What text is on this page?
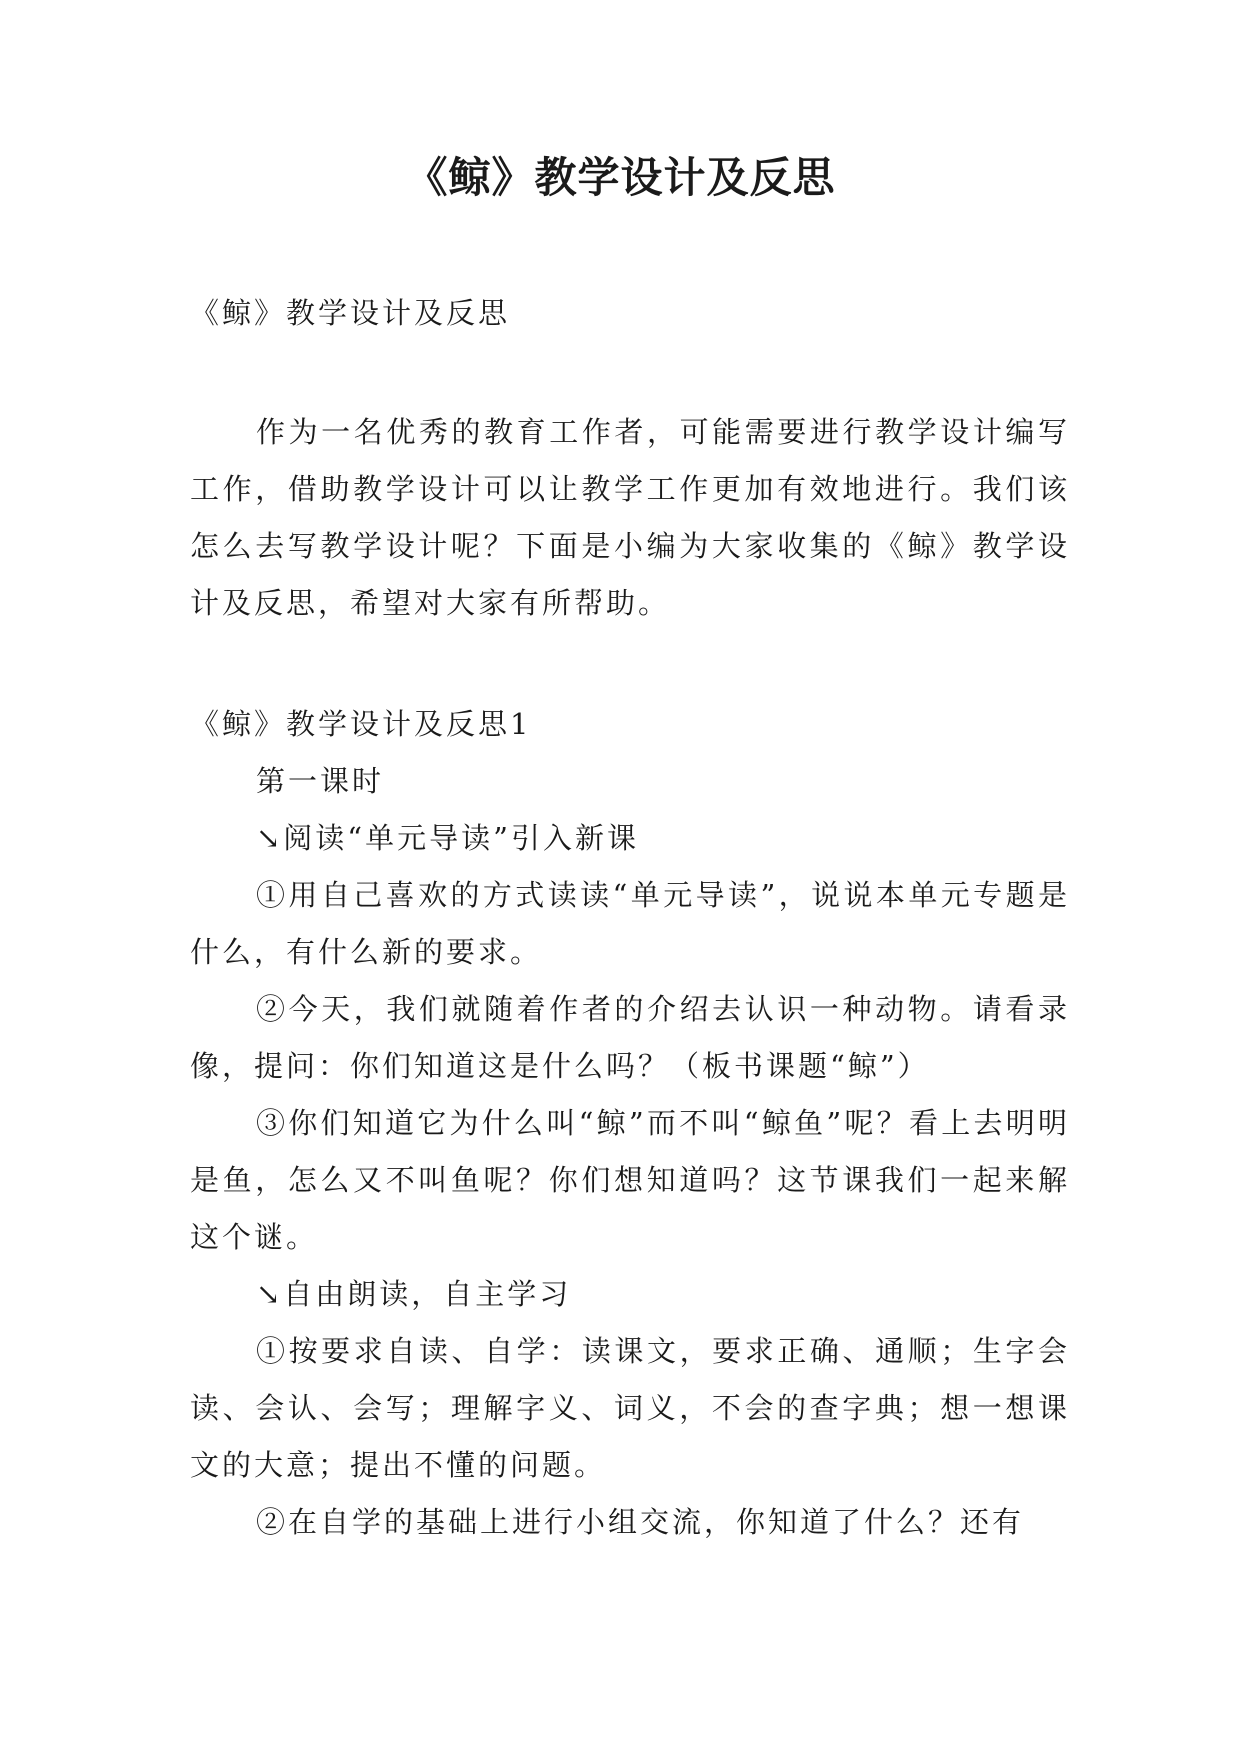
《鲸》教学设计及反思

《鲸》教学设计及反思

作为一名优秀的教育工作者，可能需要进行教学设计编写工作，借助教学设计可以让教学工作更加有效地进行。我们该怎么去写教学设计呢？下面是小编为大家收集的《鲸》教学设计及反思，希望对大家有所帮助。

《鲸》教学设计及反思1

第一课时

↘阅读“单元导读”引入新课

①用自己喜欢的方式读读“单元导读”，说说本单元专题是什么，有什么新的要求。

②今天，我们就随着作者的介绍去认识一种动物。请看录像，提问：你们知道这是什么吗？（板书课题“鲸”）

③你们知道它为什么叫“鲸”而不叫“鲸鱼”呢？看上去明明是鱼，怎么又不叫鱼呢？你们想知道吗？这节课我们一起来解这个谜。

↘自由朗读，自主学习

①按要求自读、自学：读课文，要求正确、通顺；生字会读、会认、会写；理解字义、词义，不会的查字典；想一想课文的大意；提出不懂的问题。

②在自学的基础上进行小组交流，你知道了什么？还有
